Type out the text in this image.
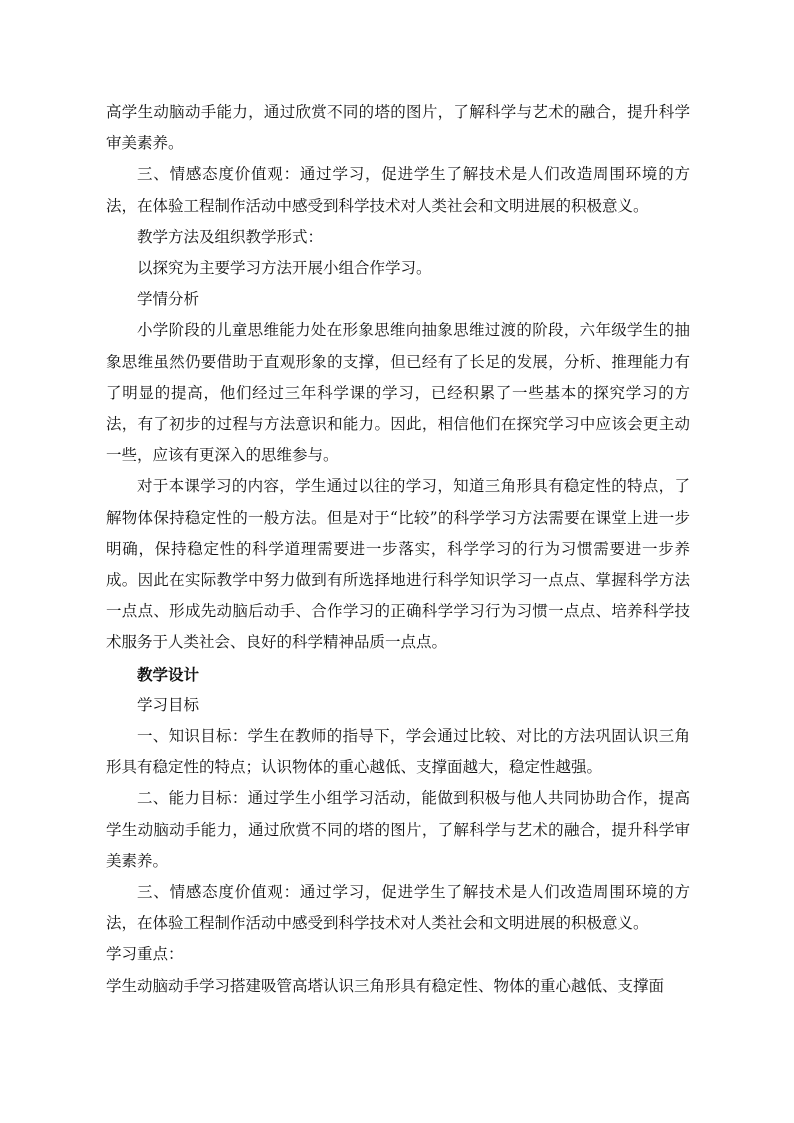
高学生动脑动手能力，通过欣赏不同的塔的图片，了解科学与艺术的融合，提升科学审美素养。

三、情感态度价值观：通过学习，促进学生了解技术是人们改造周围环境的方法，在体验工程制作活动中感受到科学技术对人类社会和文明进展的积极意义。

教学方法及组织教学形式：

以探究为主要学习方法开展小组合作学习。

学情分析

小学阶段的儿童思维能力处在形象思维向抽象思维过渡的阶段，六年级学生的抽象思维虽然仍要借助于直观形象的支撑，但已经有了长足的发展，分析、推理能力有了明显的提高，他们经过三年科学课的学习，已经积累了一些基本的探究学习的方法，有了初步的过程与方法意识和能力。因此，相信他们在探究学习中应该会更主动一些，应该有更深入的思维参与。

对于本课学习的内容，学生通过以往的学习，知道三角形具有稳定性的特点，了解物体保持稳定性的一般方法。但是对于“比较”的科学学习方法需要在课堂上进一步明确，保持稳定性的科学道理需要进一步落实，科学学习的行为习惯需要进一步养成。因此在实际教学中努力做到有所选择地进行科学知识学习一点点、掌握科学方法一点点、形成先动脑后动手、合作学习的正确科学学习行为习惯一点点、培养科学技术服务于人类社会、良好的科学精神品质一点点。

教学设计

学习目标

一、知识目标：学生在教师的指导下，学会通过比较、对比的方法巩固认识三角形具有稳定性的特点；认识物体的重心越低、支撑面越大，稳定性越强。

二、能力目标：通过学生小组学习活动，能做到积极与他人共同协助合作，提高学生动脑动手能力，通过欣赏不同的塔的图片，了解科学与艺术的融合，提升科学审美素养。

三、情感态度价值观：通过学习，促进学生了解技术是人们改造周围环境的方法，在体验工程制作活动中感受到科学技术对人类社会和文明进展的积极意义。

学习重点：

学生动脑动手学习搭建吸管高塔认识三角形具有稳定性、物体的重心越低、支撑面
